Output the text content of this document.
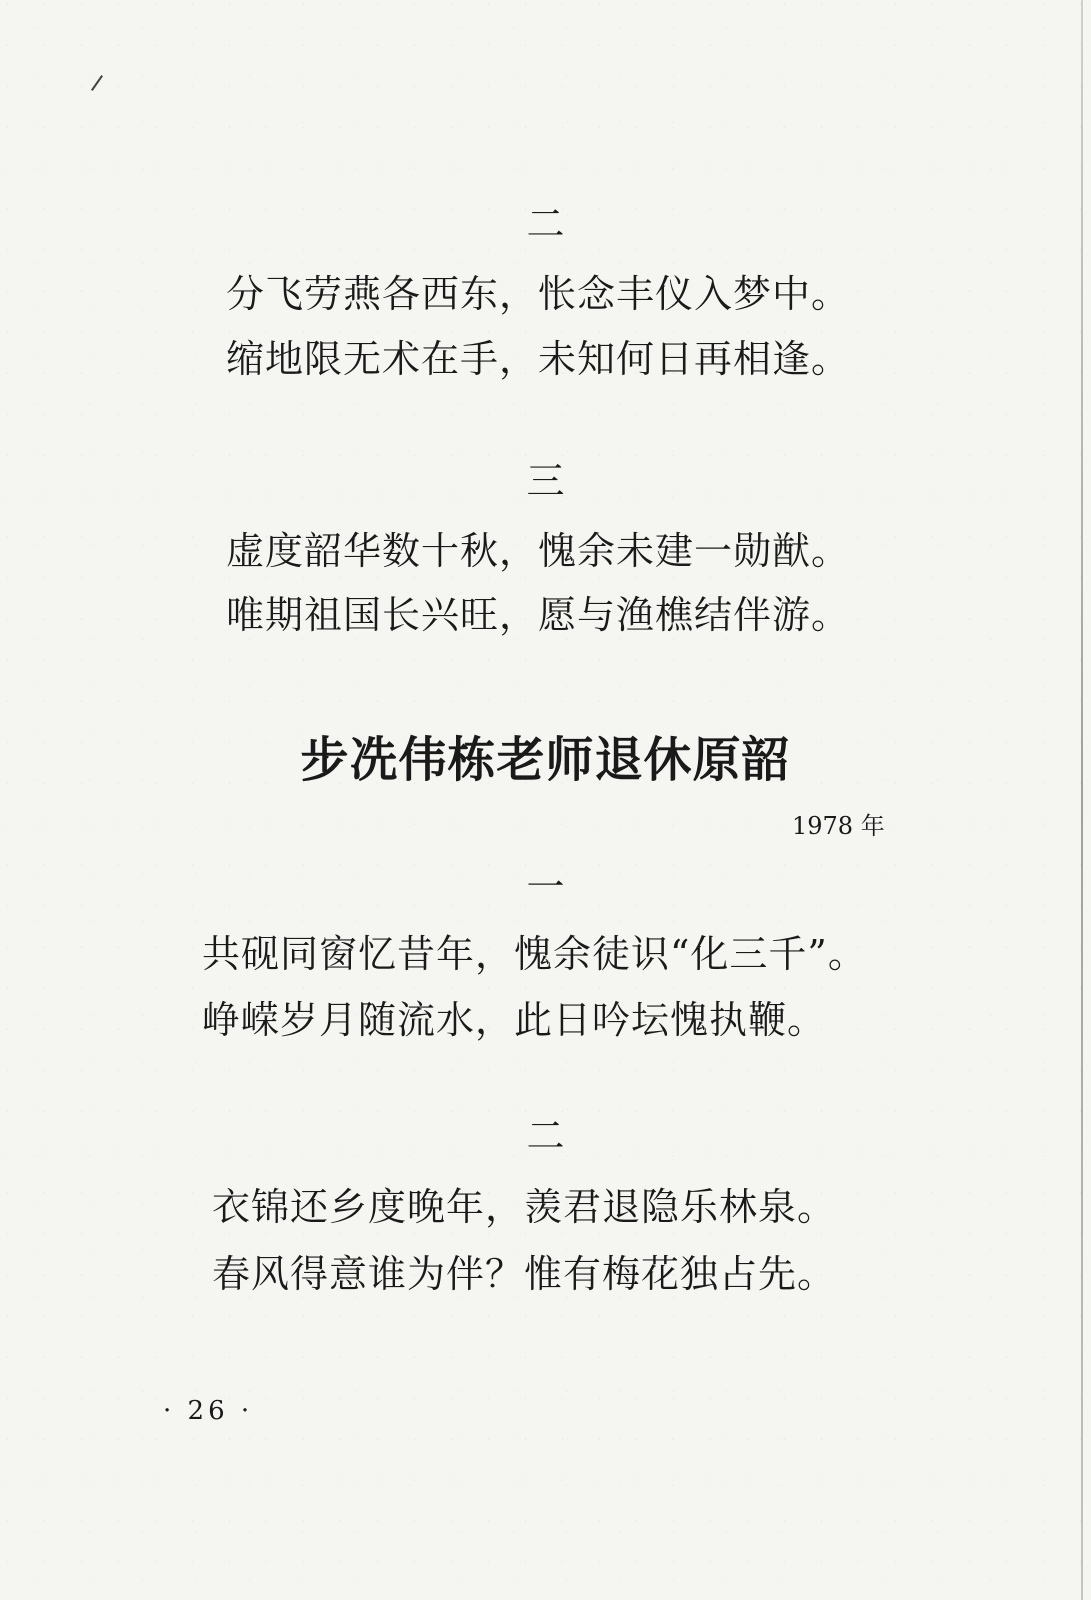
二
分飞劳燕各西东，怅念丰仪入梦中。
缩地限无术在手，未知何日再相逢。
三
虚度韶华数十秋，愧余未建一勋猷。
唯期祖国长兴旺，愿与渔樵结伴游。
步冼伟栋老师退休原韶
1978 年
一
共砚同窗忆昔年，愧余徒识“化三千”。
峥嵘岁月随流水，此日吟坛愧执鞭。
二
衣锦还乡度晚年，羡君退隐乐林泉。
春风得意谁为伴？惟有梅花独占先。
· 26 ·
